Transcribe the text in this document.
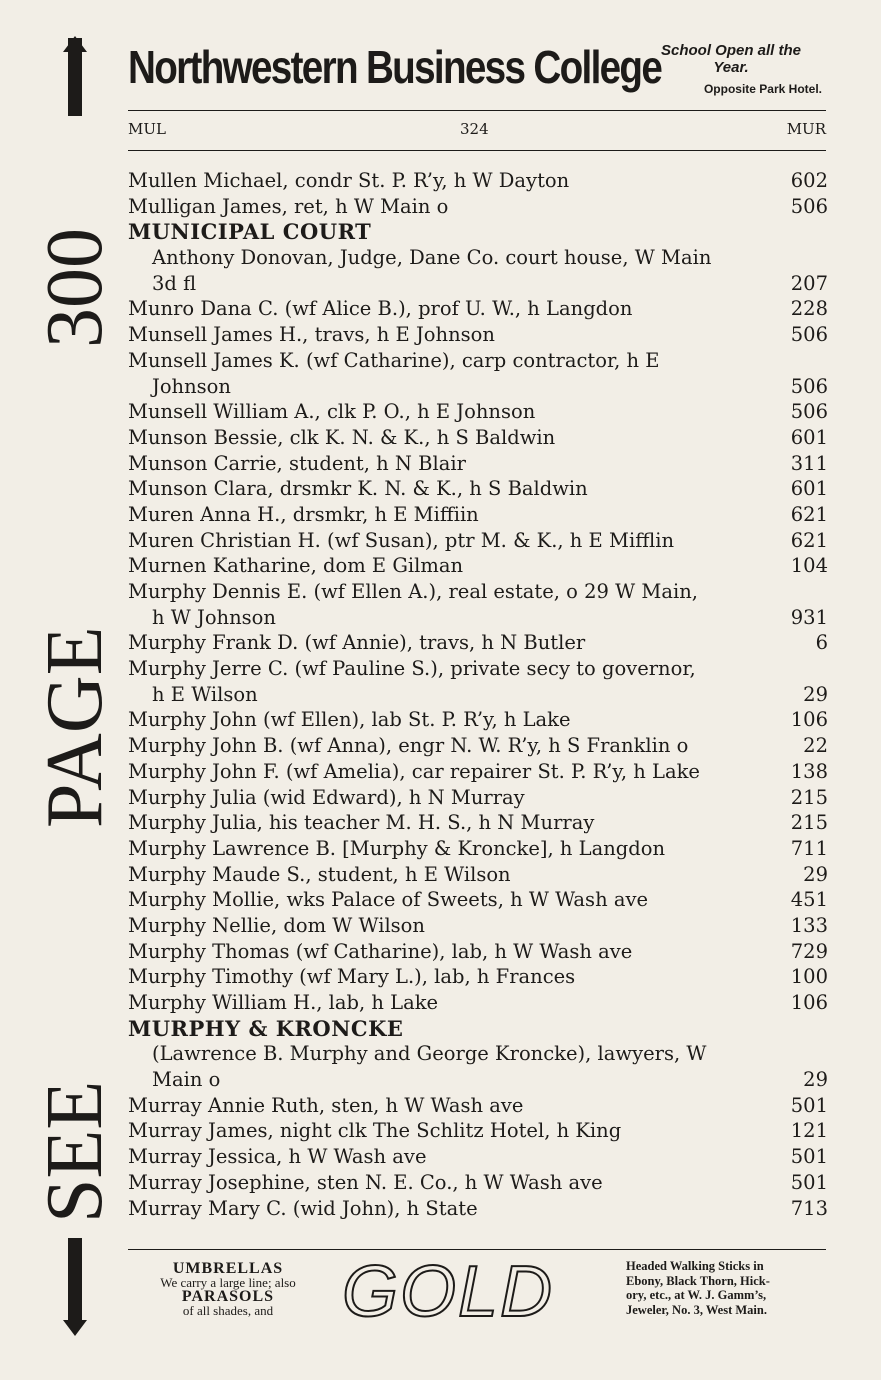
SEE
PAGE
300
Northwestern Business College School Open all the
Year.
Opposite Park Hotel.
MUL	324	MUR
Mullen Michael, condr St. P. R’y, h W Dayton	602
Mulligan James, ret, h W Main o	506
MUNICIPAL COURT
Anthony Donovan, Judge, Dane Co. court house, W Main
3d fl	207
Munro Dana C. (wf Alice B.), prof U. W., h Langdon	228
Munsell James H., travs, h E Johnson	506
Munsell James K. (wf Catharine), carp contractor, h E
Johnson	506
Munsell William A., clk P. O., h E Johnson	506
Munson Bessie, clk K. N. & K., h S Baldwin	601
Munson Carrie, student, h N Blair	311
Munson Clara, drsmkr K. N. & K., h S Baldwin	601
Muren Anna H., drsmkr, h E Miffiin	621
Muren Christian H. (wf Susan), ptr M. & K., h E Mifflin	621
Murnen Katharine, dom E Gilman	104
Murphy Dennis E. (wf Ellen A.), real estate, o 29 W Main,
h W Johnson	931
Murphy Frank D. (wf Annie), travs, h N Butler	6
Murphy Jerre C. (wf Pauline S.), private secy to governor,
h E Wilson	29
Murphy John (wf Ellen), lab St. P. R’y, h Lake	106
Murphy John B. (wf Anna), engr N. W. R’y, h S Franklin o	22
Murphy John F. (wf Amelia), car repairer St. P. R’y, h Lake	138
Murphy Julia (wid Edward), h N Murray	215
Murphy Julia, his teacher M. H. S., h N Murray	215
Murphy Lawrence B. [Murphy & Kroncke], h Langdon	711
Murphy Maude S., student, h E Wilson	29
Murphy Mollie, wks Palace of Sweets, h W Wash ave	451
Murphy Nellie, dom W Wilson	133
Murphy Thomas (wf Catharine), lab, h W Wash ave	729
Murphy Timothy (wf Mary L.), lab, h Frances	100
Murphy William H., lab, h Lake	106
MURPHY & KRONCKE
(Lawrence B. Murphy and George Kroncke), lawyers, W
Main o	29
Murray Annie Ruth, sten, h W Wash ave	501
Murray James, night clk The Schlitz Hotel, h King	121
Murray Jessica, h W Wash ave	501
Murray Josephine, sten N. E. Co., h W Wash ave	501
Murray Mary C. (wid John), h State	713
UMBRELLAS
We carry a large line; also
PARASOLS
of all shades, and GOLD	Headed Walking Sticks in
Ebony, Black Thorn, Hick-
ory, etc., at W. J. Gamm’s,
Jeweler, No. 3, West Main.
